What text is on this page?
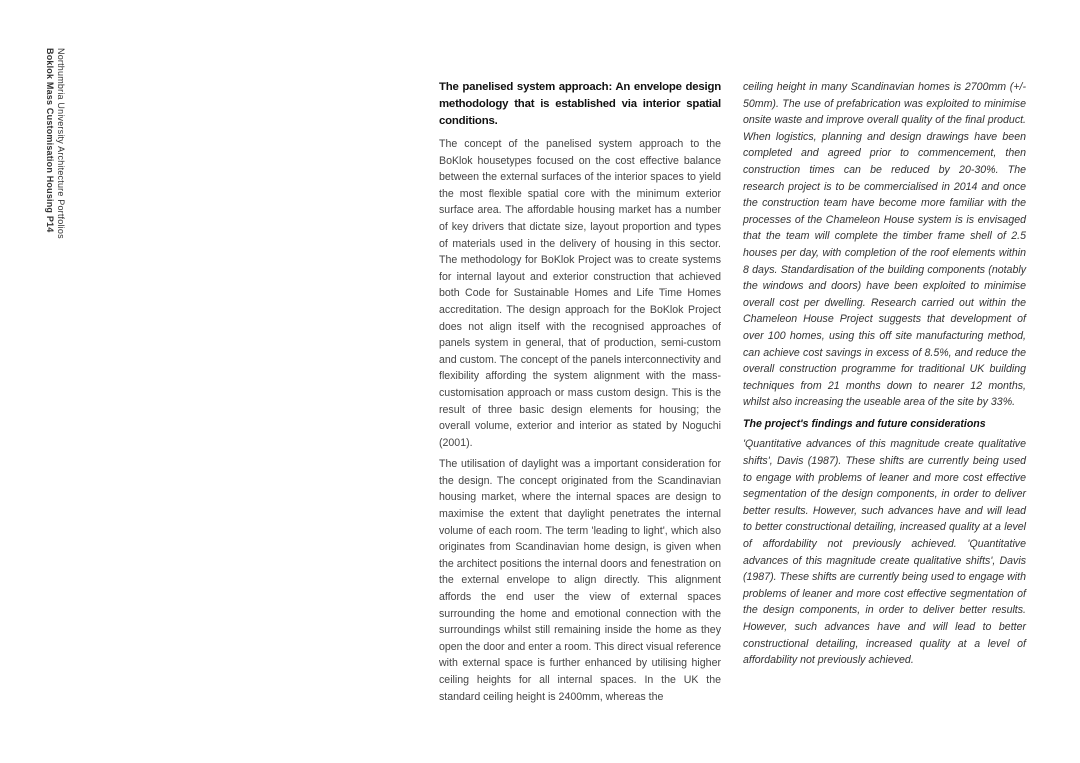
Northumbria University Architecture Portfolios
Boklok Mass Customisation Housing P14	The panelised system approach: An envelope design methodology that is established via interior spatial conditions.
The concept of the panelised system approach to the BoKlok housetypes focused on the cost effective balance between the external surfaces of the interior spaces to yield the most flexible spatial core with the minimum exterior surface area. The affordable housing market has a number of key drivers that dictate size, layout proportion and types of materials used in the delivery of housing in this sector. The methodology for BoKlok Project was to create systems for internal layout and exterior construction that achieved both Code for Sustainable Homes and Life Time Homes accreditation. The design approach for the BoKlok Project does not align itself with the recognised approaches of panels system in general, that of production, semi-custom and custom. The concept of the panels interconnectivity and flexibility affording the system alignment with the mass-customisation approach or mass custom design. This is the result of three basic design elements for housing; the overall volume, exterior and interior as stated by Noguchi (2001).
The utilisation of daylight was a important consideration for the design. The concept originated from the Scandinavian housing market, where the internal spaces are design to maximise the extent that daylight penetrates the internal volume of each room. The term 'leading to light', which also originates from Scandinavian home design, is given when the architect positions the internal doors and fenestration on the external envelope to align directly. This alignment affords the end user the view of external spaces surrounding the home and emotional connection with the surroundings whilst still remaining inside the home as they open the door and enter a room. This direct visual reference with external space is further enhanced by utilising higher ceiling heights for all internal spaces. In the UK the standard ceiling height is 2400mm, whereas the
ceiling height in many Scandinavian homes is 2700mm (+/- 50mm). The use of prefabrication was exploited to minimise onsite waste and improve overall quality of the final product. When logistics, planning and design drawings have been completed and agreed prior to commencement, then construction times can be reduced by 20-30%. The research project is to be commercialised in 2014 and once the construction team have become more familiar with the processes of the Chameleon House system is is envisaged that the team will complete the timber frame shell of 2.5 houses per day, with completion of the roof elements within 8 days. Standardisation of the building components (notably the windows and doors) have been exploited to minimise overall cost per dwelling. Research carried out within the Chameleon House Project suggests that development of over 100 homes, using this off site manufacturing method, can achieve cost savings in excess of 8.5%, and reduce the overall construction programme for traditional UK building techniques from 21 months down to nearer 12 months, whilst also increasing the useable area of the site by 33%.
The project's findings and future considerations
'Quantitative advances of this magnitude create qualitative shifts', Davis (1987). These shifts are currently being used to engage with problems of leaner and more cost effective segmentation of the design components, in order to deliver better results. However, such advances have and will lead to better constructional detailing, increased quality at a level of affordability not previously achieved. 'Quantitative advances of this magnitude create qualitative shifts', Davis (1987). These shifts are currently being used to engage with problems of leaner and more cost effective segmentation of the design components, in order to deliver better results. However, such advances have and will lead to better constructional detailing, increased quality at a level of affordability not previously achieved.
